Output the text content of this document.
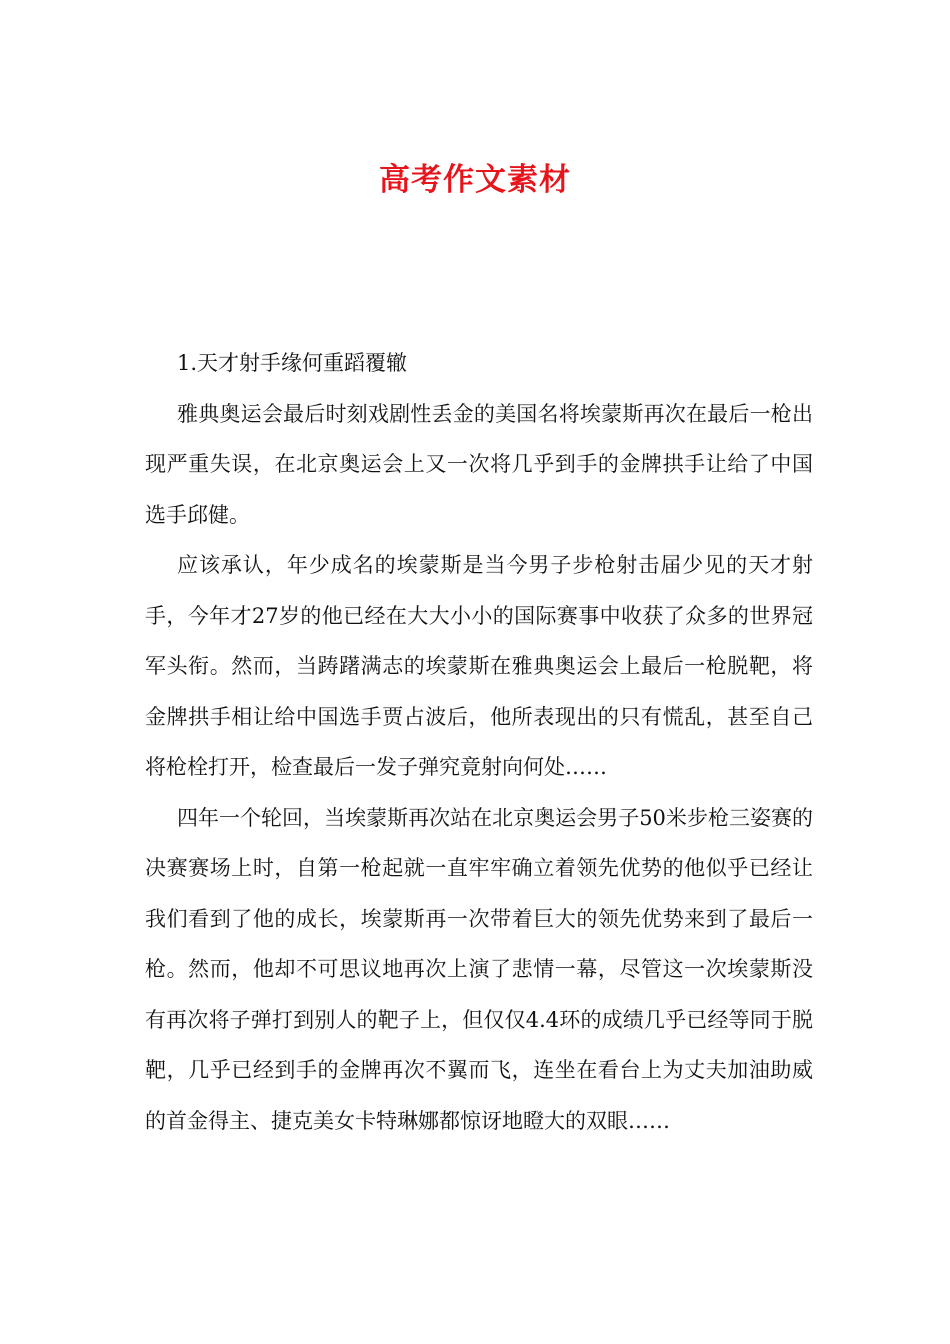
高考作文素材

1.天才射手缘何重蹈覆辙

雅典奥运会最后时刻戏剧性丢金的美国名将埃蒙斯再次在最后一枪出现严重失误，在北京奥运会上又一次将几乎到手的金牌拱手让给了中国选手邱健。

应该承认，年少成名的埃蒙斯是当今男子步枪射击届少见的天才射手，今年才27岁的他已经在大大小小的国际赛事中收获了众多的世界冠军头衔。然而，当踌躇满志的埃蒙斯在雅典奥运会上最后一枪脱靶，将金牌拱手相让给中国选手贾占波后，他所表现出的只有慌乱，甚至自己将枪栓打开，检查最后一发子弹究竟射向何处……

四年一个轮回，当埃蒙斯再次站在北京奥运会男子50米步枪三姿赛的决赛赛场上时，自第一枪起就一直牢牢确立着领先优势的他似乎已经让我们看到了他的成长，埃蒙斯再一次带着巨大的领先优势来到了最后一枪。然而，他却不可思议地再次上演了悲情一幕，尽管这一次埃蒙斯没有再次将子弹打到别人的靶子上，但仅仅4.4环的成绩几乎已经等同于脱靶，几乎已经到手的金牌再次不翼而飞，连坐在看台上为丈夫加油助威的首金得主、捷克美女卡特琳娜都惊讶地瞪大的双眼……
